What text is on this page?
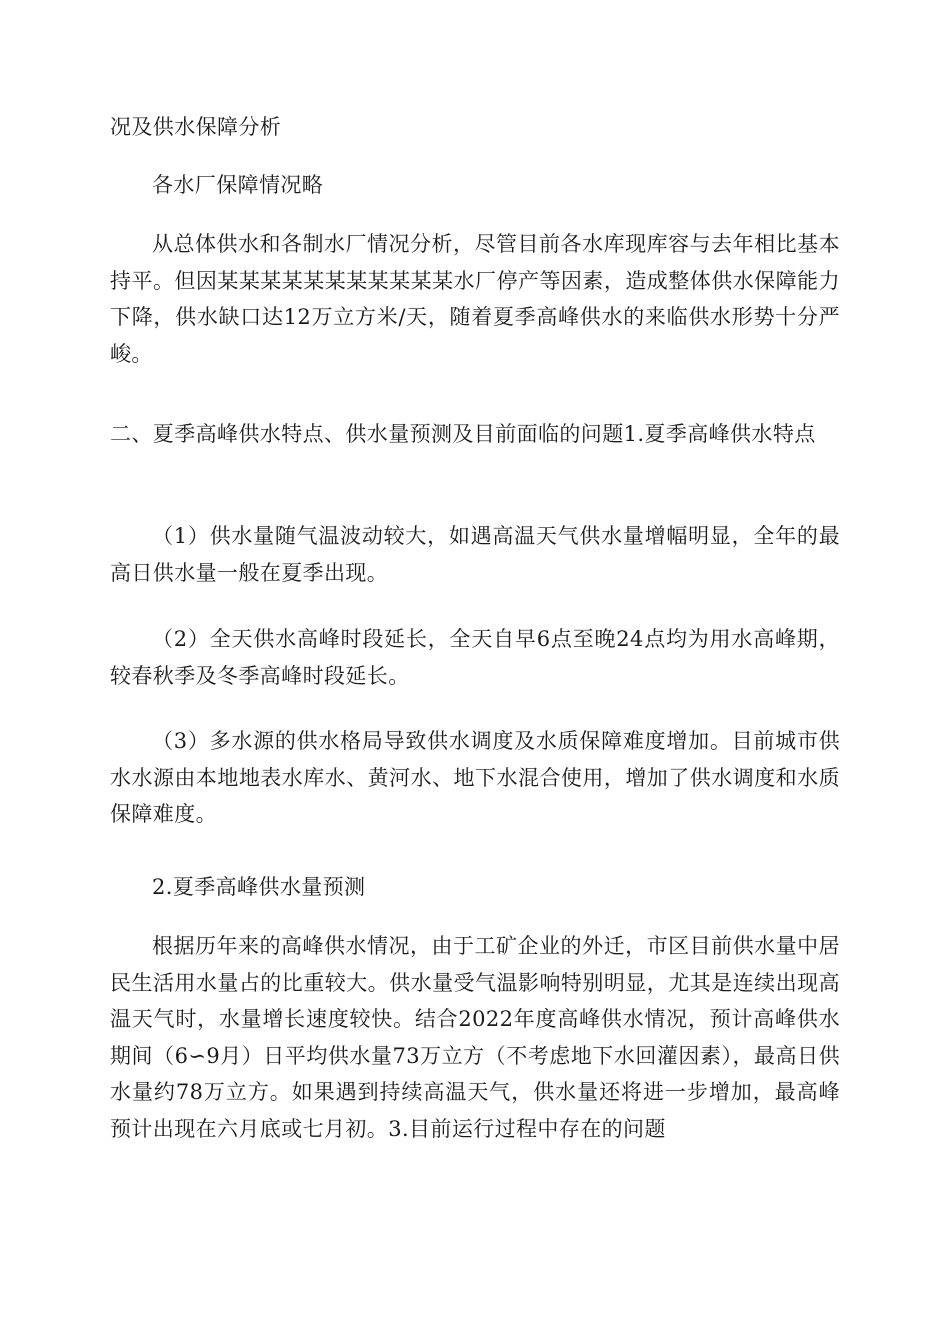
况及供水保障分析

各水厂保障情况略

从总体供水和各制水厂情况分析，尽管目前各水库现库容与去年相比基本持平。但因某某某某某某某某某某某水厂停产等因素，造成整体供水保障能力下降，供水缺口达12万立方米/天，随着夏季高峰供水的来临供水形势十分严峻。

二、夏季高峰供水特点、供水量预测及目前面临的问题1.夏季高峰供水特点

（1）供水量随气温波动较大，如遇高温天气供水量增幅明显，全年的最高日供水量一般在夏季出现。

（2）全天供水高峰时段延长，全天自早6点至晚24点均为用水高峰期，较春秋季及冬季高峰时段延长。

（3）多水源的供水格局导致供水调度及水质保障难度增加。目前城市供水水源由本地地表水库水、黄河水、地下水混合使用，增加了供水调度和水质保障难度。

2.夏季高峰供水量预测

根据历年来的高峰供水情况，由于工矿企业的外迁，市区目前供水量中居民生活用水量占的比重较大。供水量受气温影响特别明显，尤其是连续出现高温天气时，水量增长速度较快。结合2022年度高峰供水情况，预计高峰供水期间（6∽9月）日平均供水量73万立方（不考虑地下水回灌因素），最高日供水量约78万立方。如果遇到持续高温天气，供水量还将进一步增加，最高峰预计出现在六月底或七月初。3.目前运行过程中存在的问题
